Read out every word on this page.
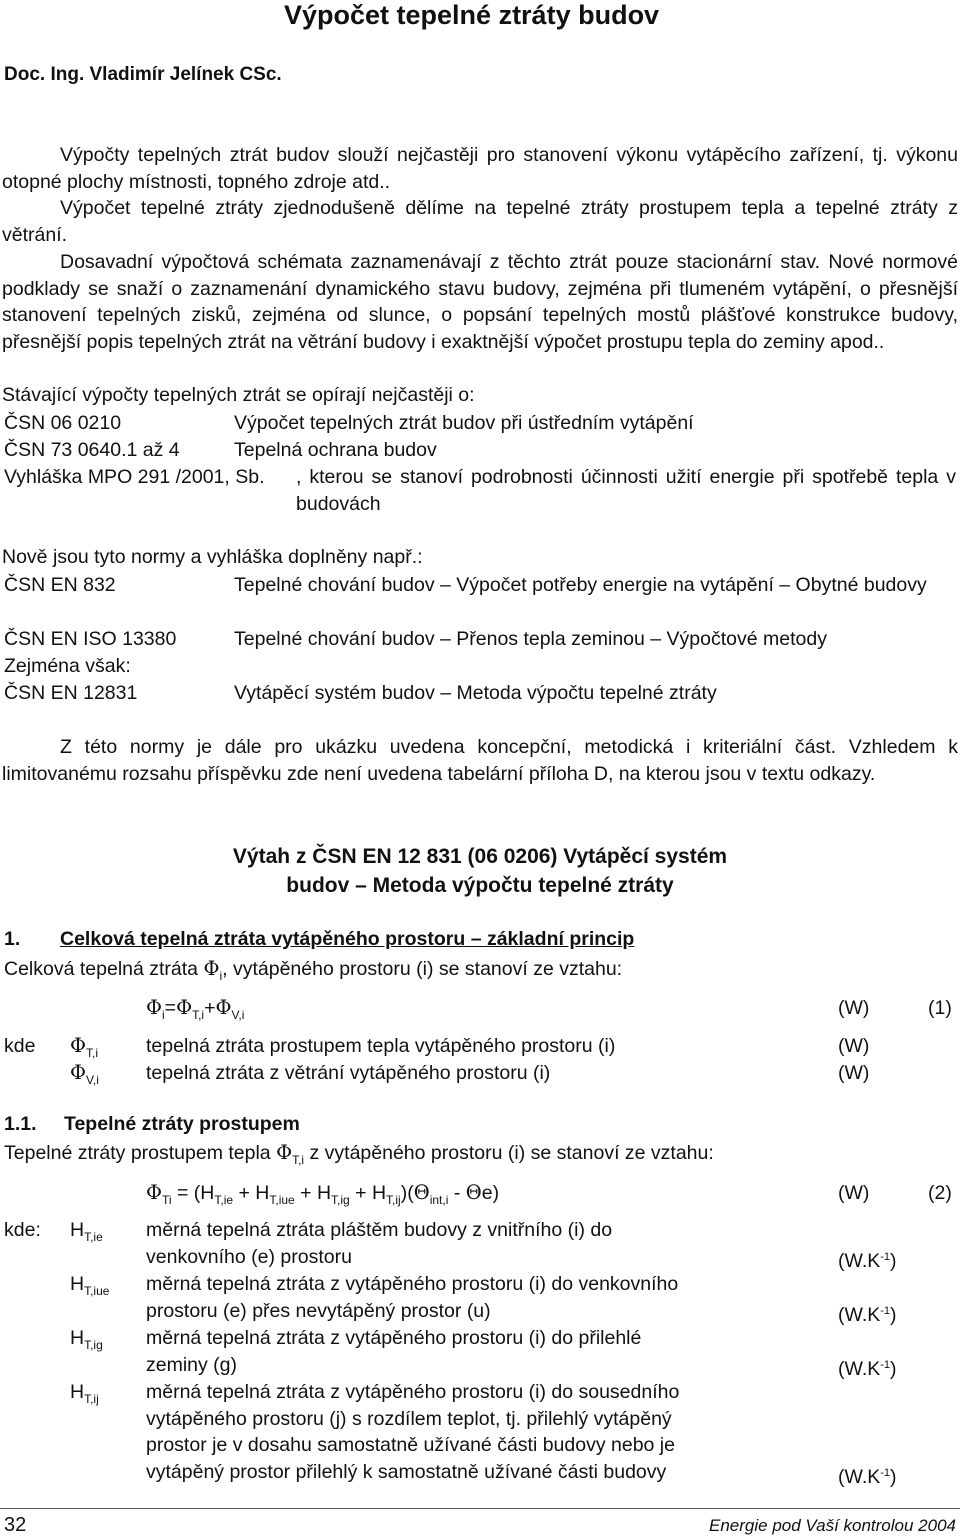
Výpočet tepelné ztráty budov
Doc. Ing. Vladimír Jelínek CSc.
Výpočty tepelných ztrát budov slouží nejčastěji pro stanovení výkonu vytápěcího zařízení, tj. výkonu otopné plochy místnosti, topného zdroje atd..
Výpočet tepelné ztráty zjednodušeně dělíme na tepelné ztráty prostupem tepla a tepelné ztráty z větrání.
Dosavadní výpočtová schémata zaznamenávají z těchto ztrát pouze stacionární stav. Nové normové podklady se snaží o zaznamenání dynamického stavu budovy, zejména při tlumeném vytápění, o přesnější stanovení tepelných zisků, zejména od slunce, o popsání tepelných mostů plášťové konstrukce budovy, přesnější popis tepelných ztrát na větrání budovy i exaktnější výpočet prostupu tepla do zeminy apod..
Stávající výpočty tepelných ztrát se opírají nejčastěji o:
ČSN 06 0210	Výpočet tepelných ztrát budov při ústředním vytápění
ČSN 73 0640.1 až 4	Tepelná ochrana budov
Vyhláška MPO 291 /2001, Sb. , kterou se stanoví podrobnosti účinnosti užití energie při spotřebě tepla v budovách
Nově jsou tyto normy a vyhláška doplněny např.:
ČSN EN 832	Tepelné chování budov – Výpočet potřeby energie na vytápění – Obytné budovy
ČSN EN ISO 13380	Tepelné chování budov – Přenos tepla zeminou – Výpočtové metody
Zejména však:
ČSN EN 12831	Vytápěcí systém budov – Metoda výpočtu tepelné ztráty
Z této normy je dále pro ukázku uvedena koncepční, metodická i kriteriální část. Vzhledem k limitovanému rozsahu příspěvku zde není uvedena tabelární příloha D, na kterou jsou v textu odkazy.
Výtah z ČSN EN 12 831 (06 0206) Vytápěcí systém
budov – Metoda výpočtu tepelné ztráty
1. Celková tepelná ztráta vytápěného prostoru – základní princip
Celková tepelná ztráta $\Phi_i$, vytápěného prostoru (i) se stanoví ze vztahu:
$\Phi_i=\Phi_{T,i}+\Phi_{V,i}$	(W)	(1)
kde $\Phi_{T,i}$ tepelná ztráta prostupem tepla vytápěného prostoru (i)	(W)
$\Phi_{V,i}$ tepelná ztráta z větrání vytápěného prostoru (i)	(W)
1.1. Tepelné ztráty prostupem
Tepelné ztráty prostupem tepla $\Phi_{T,i}$ z vytápěného prostoru (i) se stanoví ze vztahu:
$\Phi_{Ti} = (H_{T,ie} + H_{T,iue} + H_{T,ig} + H_{T,ij})(\Theta_{int,i} - \Theta e)$	(W)	(2)
kde: $H_{T,ie}$ měrná tepelná ztráta pláštěm budovy z vnitřního (i) do
venkovního (e) prostoru	$(W.K^{-1})$
$H_{T,iue}$ měrná tepelná ztráta z vytápěného prostoru (i) do venkovního
prostoru (e) přes nevytápěný prostor (u)	$(W.K^{-1})$
$H_{T,ig}$ měrná tepelná ztráta z vytápěného prostoru (i) do přilehlé
zeminy (g)	$(W.K^{-1})$
$H_{T,ij}$ měrná tepelná ztráta z vytápěného prostoru (i) do sousedního
vytápěného prostoru (j) s rozdílem teplot, tj. přilehlý vytápěný
prostor je v dosahu samostatně užívané části budovy nebo je
vytápěný prostor přilehlý k samostatně užívané části budovy	$(W.K^{-1})$
32	Energie pod Vaší kontrolou 2004
